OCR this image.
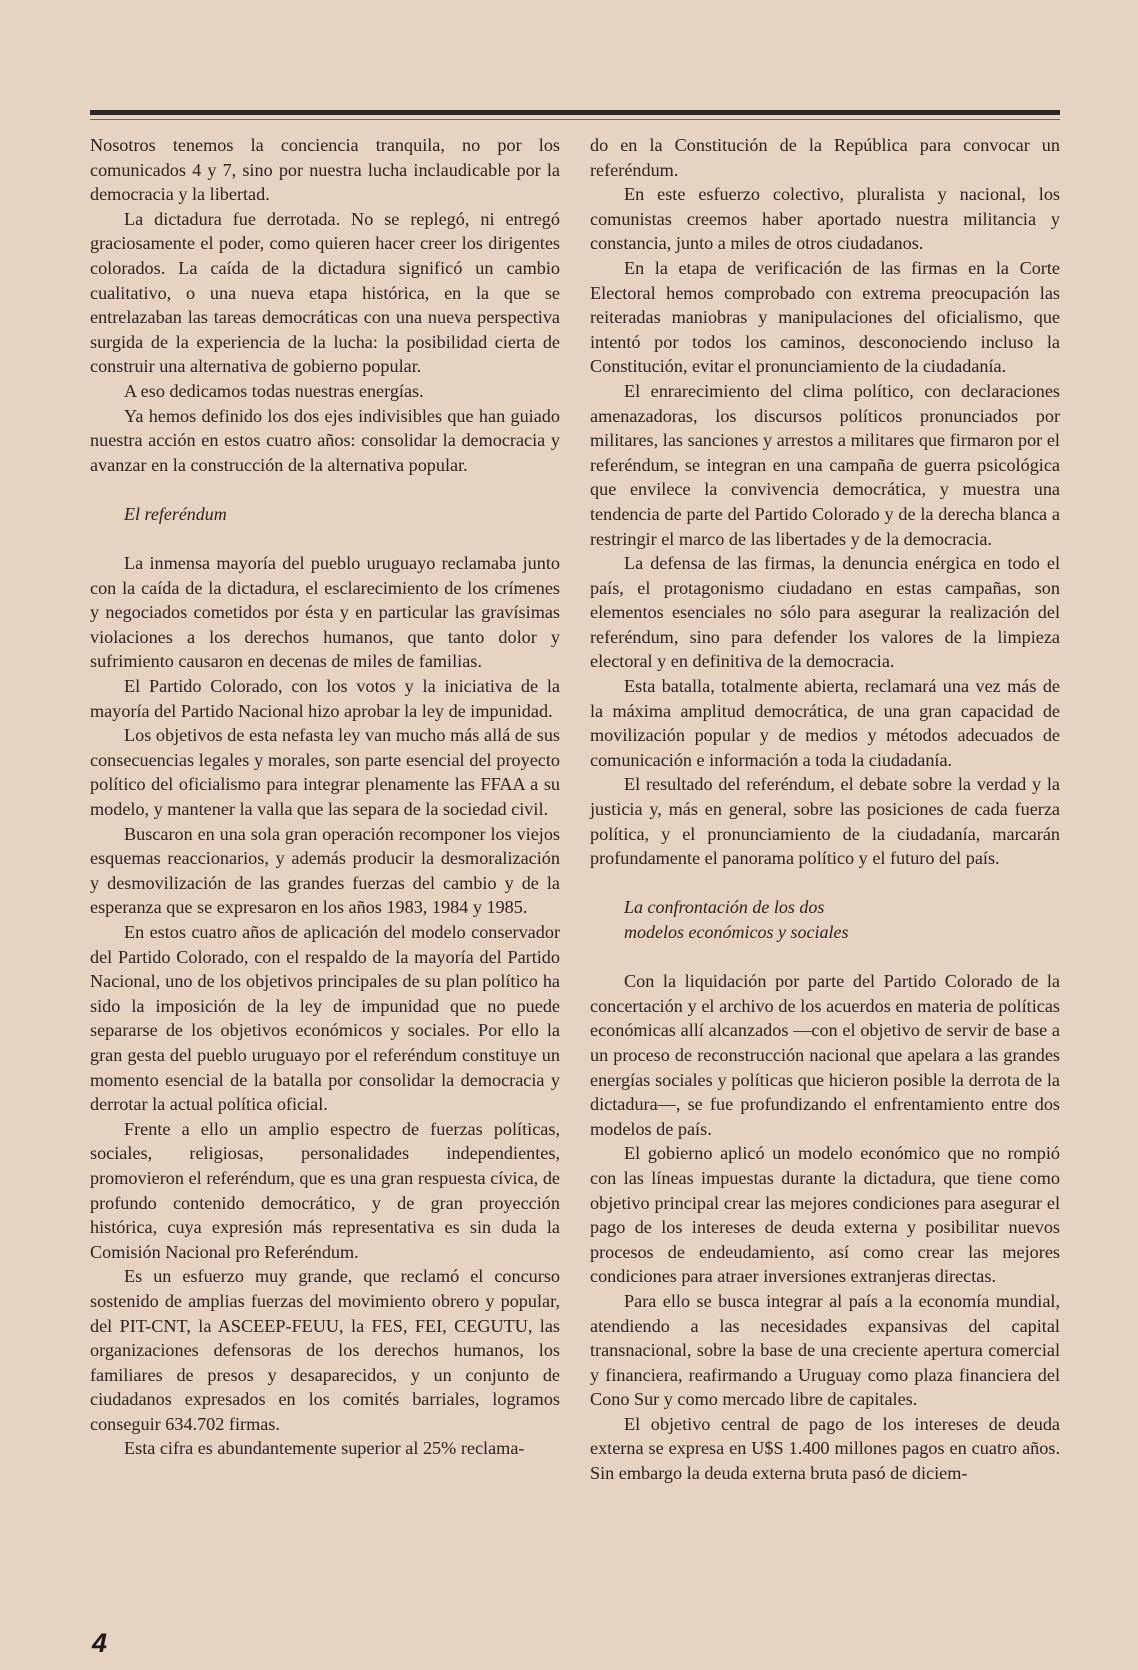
Nosotros tenemos la conciencia tranquila, no por los comunicados 4 y 7, sino por nuestra lucha inclaudicable por la democracia y la libertad.

La dictadura fue derrotada. No se replegó, ni entregó graciosamente el poder, como quieren hacer creer los dirigentes colorados. La caída de la dictadura significó un cambio cualitativo, o una nueva etapa histórica, en la que se entrelazaban las tareas democráticas con una nueva perspectiva surgida de la experiencia de la lucha: la posibilidad cierta de construir una alternativa de gobierno popular.

A eso dedicamos todas nuestras energías.

Ya hemos definido los dos ejes indivisibles que han guiado nuestra acción en estos cuatro años: consolidar la democracia y avanzar en la construcción de la alternativa popular.

El referéndum

La inmensa mayoría del pueblo uruguayo reclamaba junto con la caída de la dictadura, el esclarecimiento de los crímenes y negociados cometidos por ésta y en particular las gravísimas violaciones a los derechos humanos, que tanto dolor y sufrimiento causaron en decenas de miles de familias.

El Partido Colorado, con los votos y la iniciativa de la mayoría del Partido Nacional hizo aprobar la ley de impunidad.

Los objetivos de esta nefasta ley van mucho más allá de sus consecuencias legales y morales, son parte esencial del proyecto político del oficialismo para integrar plenamente las FFAA a su modelo, y mantener la valla que las separa de la sociedad civil.

Buscaron en una sola gran operación recomponer los viejos esquemas reaccionarios, y además producir la desmoralización y desmovilización de las grandes fuerzas del cambio y de la esperanza que se expresaron en los años 1983, 1984 y 1985.

En estos cuatro años de aplicación del modelo conservador del Partido Colorado, con el respaldo de la mayoría del Partido Nacional, uno de los objetivos principales de su plan político ha sido la imposición de la ley de impunidad que no puede separarse de los objetivos económicos y sociales. Por ello la gran gesta del pueblo uruguayo por el referéndum constituye un momento esencial de la batalla por consolidar la democracia y derrotar la actual política oficial.

Frente a ello un amplio espectro de fuerzas políticas, sociales, religiosas, personalidades independientes, promovieron el referéndum, que es una gran respuesta cívica, de profundo contenido democrático, y de gran proyección histórica, cuya expresión más representativa es sin duda la Comisión Nacional pro Referéndum.

Es un esfuerzo muy grande, que reclamó el concurso sostenido de amplias fuerzas del movimiento obrero y popular, del PIT-CNT, la ASCEEP-FEUU, la FES, FEI, CEGUTU, las organizaciones defensoras de los derechos humanos, los familiares de presos y desaparecidos, y un conjunto de ciudadanos expresados en los comités barriales, logramos conseguir 634.702 firmas.

Esta cifra es abundantemente superior al 25% reclama-

do en la Constitución de la República para convocar un referéndum.

En este esfuerzo colectivo, pluralista y nacional, los comunistas creemos haber aportado nuestra militancia y constancia, junto a miles de otros ciudadanos.

En la etapa de verificación de las firmas en la Corte Electoral hemos comprobado con extrema preocupación las reiteradas maniobras y manipulaciones del oficialismo, que intentó por todos los caminos, desconociendo incluso la Constitución, evitar el pronunciamiento de la ciudadanía.

El enrarecimiento del clima político, con declaraciones amenazadoras, los discursos políticos pronunciados por militares, las sanciones y arrestos a militares que firmaron por el referéndum, se integran en una campaña de guerra psicológica que envilece la convivencia democrática, y muestra una tendencia de parte del Partido Colorado y de la derecha blanca a restringir el marco de las libertades y de la democracia.

La defensa de las firmas, la denuncia enérgica en todo el país, el protagonismo ciudadano en estas campañas, son elementos esenciales no sólo para asegurar la realización del referéndum, sino para defender los valores de la limpieza electoral y en definitiva de la democracia.

Esta batalla, totalmente abierta, reclamará una vez más de la máxima amplitud democrática, de una gran capacidad de movilización popular y de medios y métodos adecuados de comunicación e información a toda la ciudadanía.

El resultado del referéndum, el debate sobre la verdad y la justicia y, más en general, sobre las posiciones de cada fuerza política, y el pronunciamiento de la ciudadanía, marcarán profundamente el panorama político y el futuro del país.

La confrontación de los dos

modelos económicos y sociales

Con la liquidación por parte del Partido Colorado de la concertación y el archivo de los acuerdos en materia de políticas económicas allí alcanzados —con el objetivo de servir de base a un proceso de reconstrucción nacional que apelara a las grandes energías sociales y políticas que hicieron posible la derrota de la dictadura—, se fue profundizando el enfrentamiento entre dos modelos de país.

El gobierno aplicó un modelo económico que no rompió con las líneas impuestas durante la dictadura, que tiene como objetivo principal crear las mejores condiciones para asegurar el pago de los intereses de deuda externa y posibilitar nuevos procesos de endeudamiento, así como crear las mejores condiciones para atraer inversiones extranjeras directas.

Para ello se busca integrar al país a la economía mundial, atendiendo a las necesidades expansivas del capital transnacional, sobre la base de una creciente apertura comercial y financiera, reafirmando a Uruguay como plaza financiera del Cono Sur y como mercado libre de capitales.

El objetivo central de pago de los intereses de deuda externa se expresa en U$S 1.400 millones pagos en cuatro años. Sin embargo la deuda externa bruta pasó de diciem-

4
